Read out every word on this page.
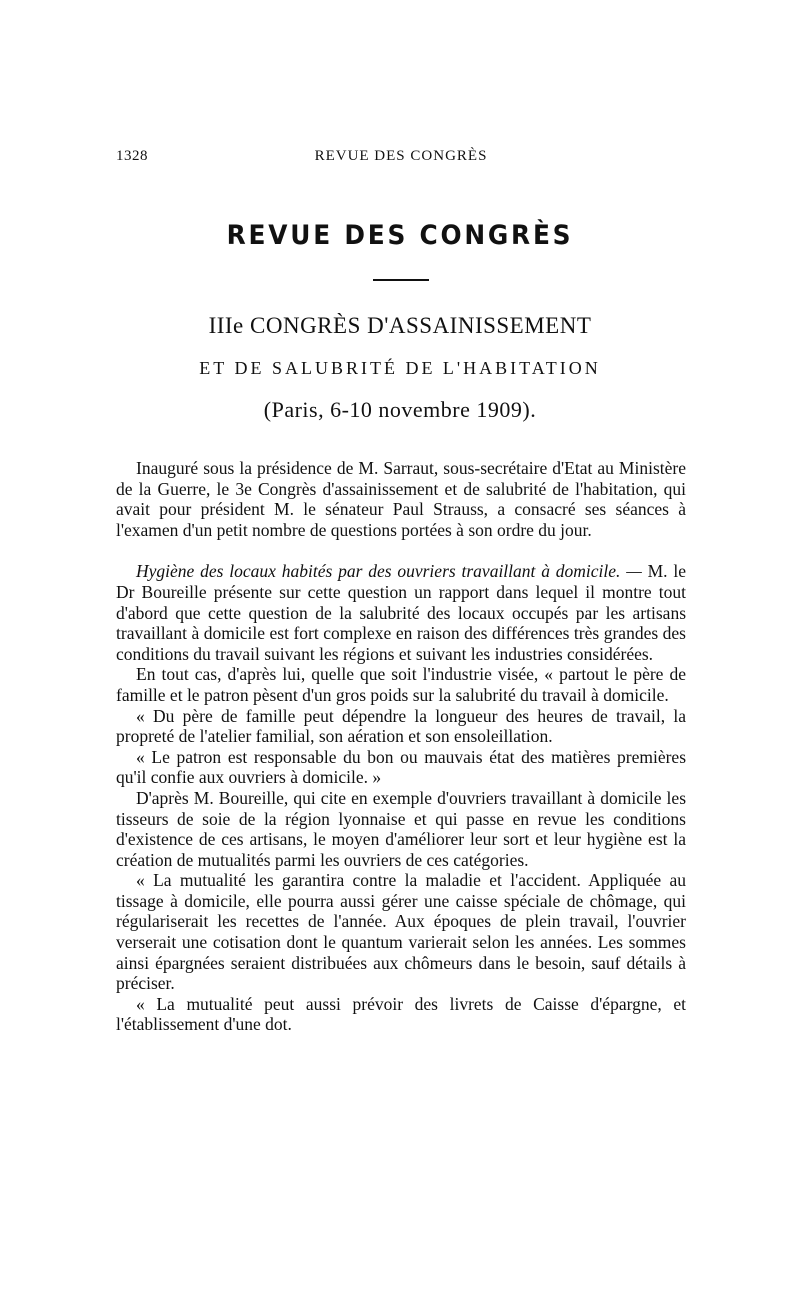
1328	REVUE DES CONGRÈS
REVUE DES CONGRÈS
IIIe CONGRÈS D'ASSAINISSEMENT
ET DE SALUBRITÉ DE L'HABITATION
(Paris, 6-10 novembre 1909).

Inauguré sous la présidence de M. Sarraut, sous-secrétaire d'Etat au Ministère de la Guerre, le 3e Congrès d'assainissement et de salubrité de l'habitation, qui avait pour président M. le sénateur Paul Strauss, a consacré ses séances à l'examen d'un petit nombre de questions portées à son ordre du jour.

Hygiène des locaux habités par des ouvriers travaillant à domicile. — M. le Dr Boureille présente sur cette question un rapport dans lequel il montre tout d'abord que cette question de la salubrité des locaux occupés par les artisans travaillant à domicile est fort complexe en raison des différences très grandes des conditions du travail suivant les régions et suivant les industries considérées.

En tout cas, d'après lui, quelle que soit l'industrie visée, « partout le père de famille et le patron pèsent d'un gros poids sur la salubrité du travail à domicile.

« Du père de famille peut dépendre la longueur des heures de travail, la propreté de l'atelier familial, son aération et son ensoleillation.

« Le patron est responsable du bon ou mauvais état des matières premières qu'il confie aux ouvriers à domicile. »

D'après M. Boureille, qui cite en exemple d'ouvriers travaillant à domicile les tisseurs de soie de la région lyonnaise et qui passe en revue les conditions d'existence de ces artisans, le moyen d'améliorer leur sort et leur hygiène est la création de mutualités parmi les ouvriers de ces catégories.

« La mutualité les garantira contre la maladie et l'accident. Appliquée au tissage à domicile, elle pourra aussi gérer une caisse spéciale de chômage, qui régulariserait les recettes de l'année. Aux époques de plein travail, l'ouvrier verserait une cotisation dont le quantum varierait selon les années. Les sommes ainsi épargnées seraient distribuées aux chômeurs dans le besoin, sauf détails à préciser.

« La mutualité peut aussi prévoir des livrets de Caisse d'épargne, et l'établissement d'une dot.
